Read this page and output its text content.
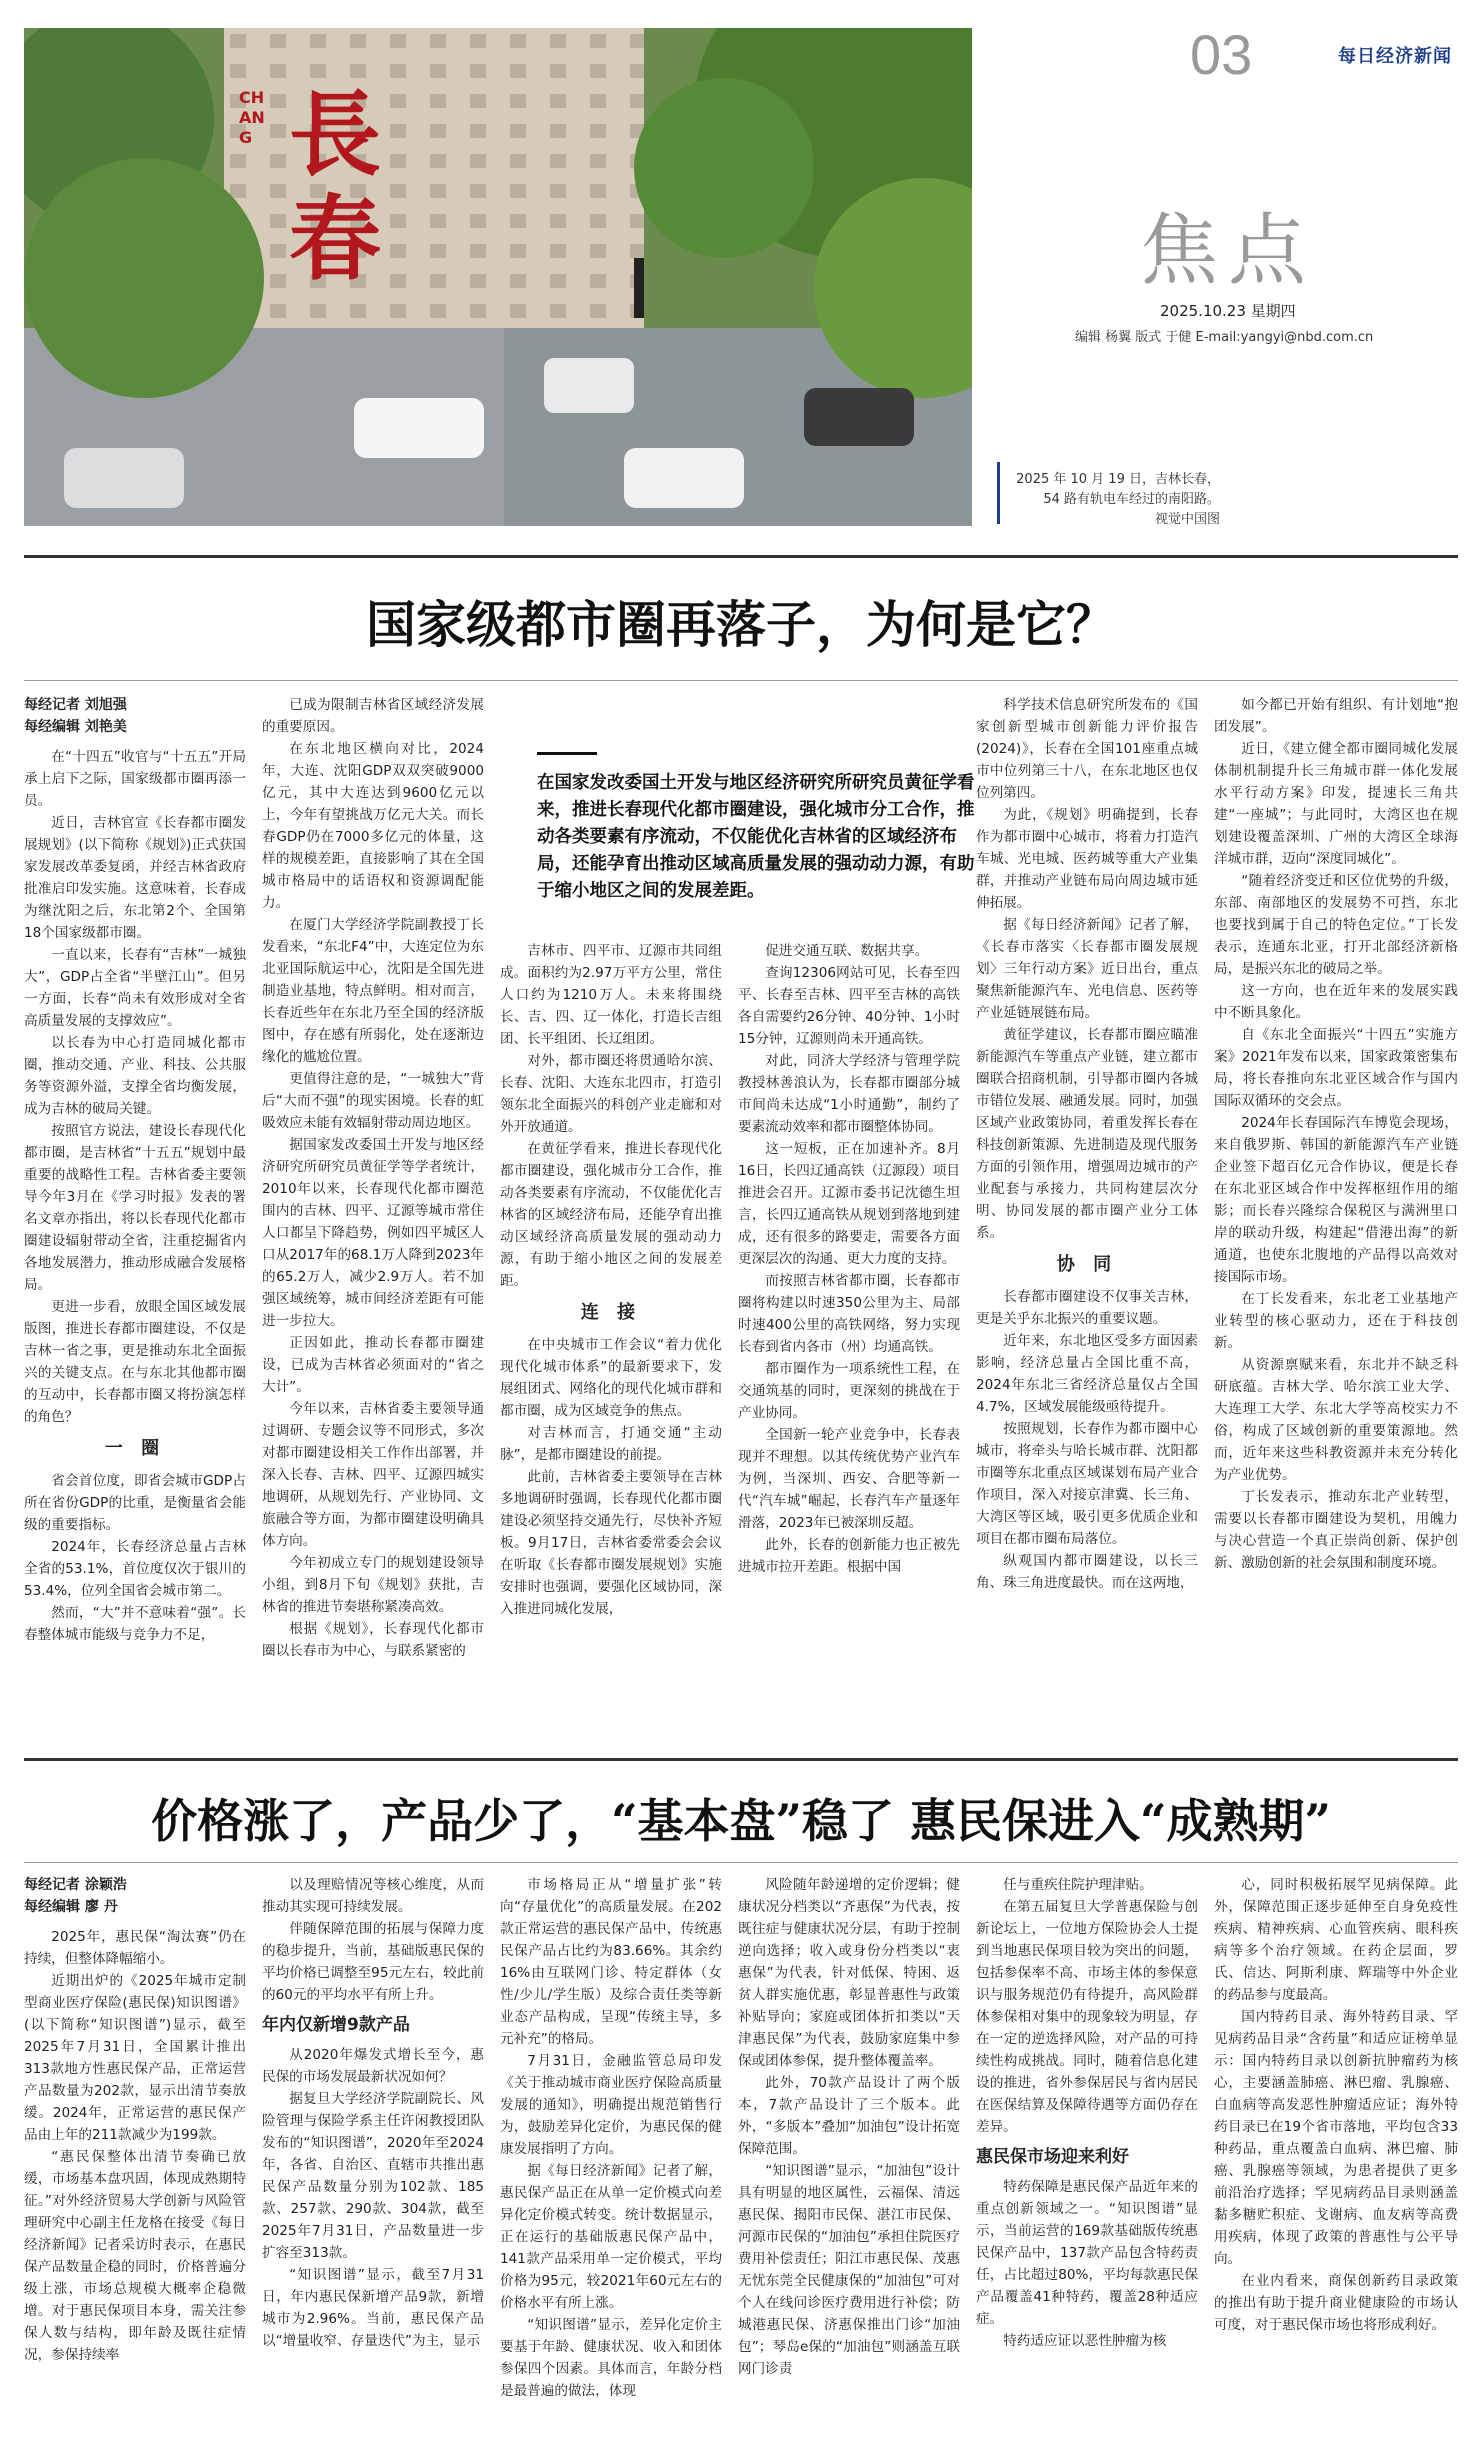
03	每日经济新闻
焦点
2025.10.23 星期四
编辑 杨翼 版式 于健 E-mail:yangyi@nbd.com.cn
長春
CHANG
2025 年 10 月 19 日，吉林长春，54 路有轨电车经过的南阳路。
视觉中国图
国家级都市圈再落子，为何是它？
每经记者 刘旭强
每经编辑 刘艳美

在“十四五”收官与“十五五”开局承上启下之际，国家级都市圈再添一员。

近日，吉林官宣《长春都市圈发展规划》(以下简称《规划》)正式获国家发展改革委复函，并经吉林省政府批准启印发实施。这意味着，长春成为继沈阳之后，东北第2个、全国第18个国家级都市圈。

一直以来，长春有“吉林”一城独大”，GDP占全省“半壁江山”。但另一方面，长春“尚未有效形成对全省高质量发展的支撑效应”。

以长春为中心打造同城化都市圈，推动交通、产业、科技、公共服务等资源外溢，支撑全省均衡发展，成为吉林的破局关键。

按照官方说法，建设长春现代化都市圈，是吉林省“十五五”规划中最重要的战略性工程。吉林省委主要领导今年3月在《学习时报》发表的署名文章亦指出，将以长春现代化都市圈建设辐射带动全省，注重挖掘省内各地发展潜力，推动形成融合发展格局。

更进一步看，放眼全国区域发展版图，推进长春都市圈建设，不仅是吉林一省之事，更是推动东北全面振兴的关键支点。在与东北其他都市圈的互动中，长春都市圈又将扮演怎样的角色？

一 圈

省会首位度，即省会城市GDP占所在省份GDP的比重，是衡量省会能级的重要指标。

2024年，长春经济总量占吉林全省的53.1%，首位度仅次于银川的53.4%，位列全国省会城市第二。

然而，“大”并不意味着“强”。长春整体城市能级与竞争力不足，

已成为限制吉林省区域经济发展的重要原因。

在东北地区横向对比，2024年，大连、沈阳GDP双双突破9000亿元，其中大连达到9600亿元以上，今年有望挑战万亿元大关。而长春GDP仍在7000多亿元的体量，这样的规模差距，直接影响了其在全国城市格局中的话语权和资源调配能力。

在厦门大学经济学院副教授丁长发看来，“东北F4”中，大连定位为东北亚国际航运中心，沈阳是全国先进制造业基地，特点鲜明。相对而言，长春近些年在东北乃至全国的经济版图中，存在感有所弱化，处在逐渐边缘化的尴尬位置。

更值得注意的是，“一城独大”背后“大而不强”的现实困境。长春的虹吸效应未能有效辐射带动周边地区。

据国家发改委国土开发与地区经济研究所研究员黄征学等学者统计，2010年以来，长春现代化都市圈范围内的吉林、四平、辽源等城市常住人口都呈下降趋势，例如四平城区人口从2017年的68.1万人降到2023年的65.2万人，减少2.9万人。若不加强区域统筹，城市间经济差距有可能进一步拉大。

正因如此，推动长春都市圈建设，已成为吉林省必须面对的“省之大计”。

今年以来，吉林省委主要领导通过调研、专题会议等不同形式，多次对都市圈建设相关工作作出部署，并深入长春、吉林、四平、辽源四城实地调研，从规划先行、产业协同、文旅融合等方面，为都市圈建设明确具体方向。

今年初成立专门的规划建设领导小组，到8月下旬《规划》获批，吉林省的推进节奏堪称紧凑高效。

根据《规划》，长春现代化都市圈以长春市为中心，与联系紧密的

在国家发改委国土开发与地区经济研究所研究员黄征学看来，推进长春现代化都市圈建设，强化城市分工合作，推动各类要素有序流动，不仅能优化吉林省的区域经济布局，还能孕育出推动区域高质量发展的强动动力源，有助于缩小地区之间的发展差距。

吉林市、四平市、辽源市共同组成。面积约为2.97万平方公里，常住人口约为1210万人。未来将围绕长、吉、四、辽一体化，打造长吉组团、长平组团、长辽组团。

对外，都市圈还将贯通哈尔滨、长春、沈阳、大连东北四市，打造引领东北全面振兴的科创产业走廊和对外开放通道。

在黄征学看来，推进长春现代化都市圈建设，强化城市分工合作，推动各类要素有序流动，不仅能优化吉林省的区域经济布局，还能孕育出推动区域经济高质量发展的强动动力源，有助于缩小地区之间的发展差距。

连 接

在中央城市工作会议“着力优化现代化城市体系”的最新要求下，发展组团式、网络化的现代化城市群和都市圈，成为区域竞争的焦点。

对吉林而言，打通交通“主动脉”，是都市圈建设的前提。

此前，吉林省委主要领导在吉林多地调研时强调，长春现代化都市圈建设必须坚持交通先行，尽快补齐短板。9月17日，吉林省委常委会会议在听取《长春都市圈发展规划》实施安排时也强调，要强化区域协同，深入推进同城化发展，

促进交通互联、数据共享。

查询12306网站可见，长春至四平、长春至吉林、四平至吉林的高铁各自需要约26分钟、40分钟、1小时15分钟，辽源则尚未开通高铁。

对此，同济大学经济与管理学院教授林善浪认为，长春都市圈部分城市间尚未达成“1小时通勤”，制约了要素流动效率和都市圈整体协同。

这一短板，正在加速补齐。8月16日，长四辽通高铁（辽源段）项目推进会召开。辽源市委书记沈德生坦言，长四辽通高铁从规划到落地到建成，还有很多的路要走，需要各方面更深层次的沟通、更大力度的支持。

而按照吉林省都市圈，长春都市圈将构建以时速350公里为主、局部时速400公里的高铁网络，努力实现长春到省内各市（州）均通高铁。

都市圈作为一项系统性工程，在交通筑基的同时，更深刻的挑战在于产业协同。

全国新一轮产业竞争中，长春表现并不理想。以其传统优势产业汽车为例，当深圳、西安、合肥等新一代“汽车城”崛起，长春汽车产量逐年滑落，2023年已被深圳反超。

此外，长春的创新能力也正被先进城市拉开差距。根据中国

科学技术信息研究所发布的《国家创新型城市创新能力评价报告(2024)》，长春在全国101座重点城市中位列第三十八，在东北地区也仅位列第四。

为此，《规划》明确提到，长春作为都市圈中心城市，将着力打造汽车城、光电城、医药城等重大产业集群，并推动产业链布局向周边城市延伸拓展。

据《每日经济新闻》记者了解，《长春市落实〈长春都市圈发展规划〉三年行动方案》近日出台，重点聚焦新能源汽车、光电信息、医药等产业延链展链布局。

黄征学建议，长春都市圈应瞄准新能源汽车等重点产业链，建立都市圈联合招商机制，引导都市圈内各城市错位发展、融通发展。同时，加强区域产业政策协同，着重发挥长春在科技创新策源、先进制造及现代服务方面的引领作用，增强周边城市的产业配套与承接力，共同构建层次分明、协同发展的都市圈产业分工体系。

协 同

长春都市圈建设不仅事关吉林，更是关乎东北振兴的重要议题。

近年来，东北地区受多方面因素影响，经济总量占全国比重不高，2024年东北三省经济总量仅占全国4.7%，区域发展能级亟待提升。

按照规划，长春作为都市圈中心城市，将牵头与哈长城市群、沈阳都市圈等东北重点区域谋划布局产业合作项目，深入对接京津冀、长三角、大湾区等区域，吸引更多优质企业和项目在都市圈布局落位。

纵观国内都市圈建设，以长三角、珠三角进度最快。而在这两地，

如今都已开始有组织、有计划地“抱团发展”。

近日，《建立健全都市圈同城化发展体制机制提升长三角城市群一体化发展水平行动方案》印发，提速长三角共建“一座城”；与此同时，大湾区也在规划建设覆盖深圳、广州的大湾区全球海洋城市群，迈向“深度同城化”。

“随着经济变迁和区位优势的升级，东部、南部地区的发展势不可挡，东北也要找到属于自己的特色定位。”丁长发表示，连通东北亚，打开北部经济新格局，是振兴东北的破局之举。

这一方向，也在近年来的发展实践中不断具象化。

自《东北全面振兴“十四五”实施方案》2021年发布以来，国家政策密集布局，将长春推向东北亚区域合作与国内国际双循环的交会点。

2024年长春国际汽车博览会现场，来自俄罗斯、韩国的新能源汽车产业链企业签下超百亿元合作协议，便是长春在东北亚区域合作中发挥枢纽作用的缩影；而长春兴隆综合保税区与满洲里口岸的联动升级，构建起“借港出海”的新通道，也使东北腹地的产品得以高效对接国际市场。

在丁长发看来，东北老工业基地产业转型的核心驱动力，还在于科技创新。

从资源禀赋来看，东北并不缺乏科研底蕴。吉林大学、哈尔滨工业大学、大连理工大学、东北大学等高校实力不俗，构成了区域创新的重要策源地。然而，近年来这些科教资源并未充分转化为产业优势。

丁长发表示，推动东北产业转型，需要以长春都市圈建设为契机，用魄力与决心营造一个真正崇尚创新、保护创新、激励创新的社会氛围和制度环境。

价格涨了，产品少了，“基本盘”稳了 惠民保进入“成熟期”
每经记者 涂颖浩
每经编辑 廖 丹

2025年，惠民保“淘汰赛”仍在持续，但整体降幅缩小。

近期出炉的《2025年城市定制型商业医疗保险(惠民保)知识图谱》(以下简称“知识图谱”)显示，截至2025年7月31日，全国累计推出313款地方性惠民保产品，正常运营产品数量为202款，显示出清节奏放缓。2024年，正常运营的惠民保产品由上年的211款减少为199款。

“惠民保整体出清节奏确已放缓，市场基本盘巩固，体现成熟期特征。”对外经济贸易大学创新与风险管理研究中心副主任龙格在接受《每日经济新闻》记者采访时表示，在惠民保产品数量企稳的同时，价格普遍分级上涨，市场总规模大概率企稳微增。对于惠民保项目本身，需关注参保人数与结构，即年龄及既往症情况，参保持续率

以及理赔情况等核心维度，从而推动其实现可持续发展。

伴随保障范围的拓展与保障力度的稳步提升，当前，基础版惠民保的平均价格已调整至95元左右，较此前的60元的平均水平有所上升。

年内仅新增9款产品

从2020年爆发式增长至今，惠民保的市场发展最新状况如何？

据复旦大学经济学院副院长、风险管理与保险学系主任许闲教授团队发布的“知识图谱”，2020年至2024年，各省、自治区、直辖市共推出惠民保产品数量分别为102款、185款、257款、290款、304款，截至2025年7月31日，产品数量进一步扩容至313款。

“知识图谱”显示，截至7月31日，年内惠民保新增产品9款，新增城市为2.96%。当前，惠民保产品以“增量收窄、存量迭代”为主，显示

市场格局正从“增量扩张”转向“存量优化”的高质量发展。在202款正常运营的惠民保产品中，传统惠民保产品占比约为83.66%。其余约16%由互联网门诊、特定群体（女性/少儿/学生版）及综合责任类等新业态产品构成，呈现“传统主导，多元补充”的格局。

7月31日，金融监管总局印发《关于推动城市商业医疗保险高质量发展的通知》，明确提出规范销售行为，鼓励差异化定价，为惠民保的健康发展指明了方向。

据《每日经济新闻》记者了解，惠民保产品正在从单一定价模式向差异化定价模式转变。统计数据显示，正在运行的基础版惠民保产品中，141款产品采用单一定价模式，平均价格为95元，较2021年60元左右的价格水平有所上涨。

“知识图谱”显示，差异化定价主要基于年龄、健康状况、收入和团体参保四个因素。具体而言，年龄分档是最普遍的做法，体现

风险随年龄递增的定价逻辑；健康状况分档类以“齐惠保”为代表，按既往症与健康状况分层，有助于控制逆向选择；收入或身份分档类以“衷惠保”为代表，针对低保、特困、返贫人群实施优惠，彰显普惠性与政策补贴导向；家庭或团体折扣类以“天津惠民保”为代表，鼓励家庭集中参保或团体参保，提升整体覆盖率。

此外，70款产品设计了两个版本，7款产品设计了三个版本。此外，“多版本”叠加“加油包”设计拓宽保障范围。

“知识图谱”显示，“加油包”设计具有明显的地区属性，云福保、清远惠民保、揭阳市民保、湛江市民保、河源市民保的“加油包”承担住院医疗费用补偿责任；阳江市惠民保、茂惠无忧东莞全民健康保的“加油包”可对个人在线问诊医疗费用进行补偿；防城港惠民保、济惠保推出门诊“加油包”；琴岛e保的“加油包”则涵盖互联网门诊责

任与重疾住院护理津贴。

在第五届复旦大学普惠保险与创新论坛上，一位地方保险协会人士提到当地惠民保项目较为突出的问题，包括参保率不高、市场主体的参保意识与服务规范仍有待提升，高风险群体参保相对集中的现象较为明显，存在一定的逆选择风险，对产品的可持续性构成挑战。同时，随着信息化建设的推进，省外参保居民与省内居民在医保结算及保障待遇等方面仍存在差异。

惠民保市场迎来利好

特药保障是惠民保产品近年来的重点创新领域之一。“知识图谱”显示，当前运营的169款基础版传统惠民保产品中，137款产品包含特药责任，占比超过80%，平均每款惠民保产品覆盖41种特药，覆盖28种适应症。

特药适应证以恶性肿瘤为核

心，同时积极拓展罕见病保障。此外，保障范围正逐步延伸至自身免疫性疾病、精神疾病、心血管疾病、眼科疾病等多个治疗领域。在药企层面，罗氏、信达、阿斯利康、辉瑞等中外企业的药品参与度最高。

国内特药目录、海外特药目录、罕见病药品目录“含药量”和适应证榜单显示：国内特药目录以创新抗肿瘤药为核心，主要涵盖肺癌、淋巴瘤、乳腺癌、白血病等高发恶性肿瘤适应证；海外特药目录已在19个省市落地，平均包含33种药品，重点覆盖白血病、淋巴瘤、肺癌、乳腺癌等领域，为患者提供了更多前沿治疗选择；罕见病药品目录则涵盖黏多糖贮积症、戈谢病、血友病等高费用疾病，体现了政策的普惠性与公平导向。

在业内看来，商保创新药目录政策的推出有助于提升商业健康险的市场认可度，对于惠民保市场也将形成利好。
